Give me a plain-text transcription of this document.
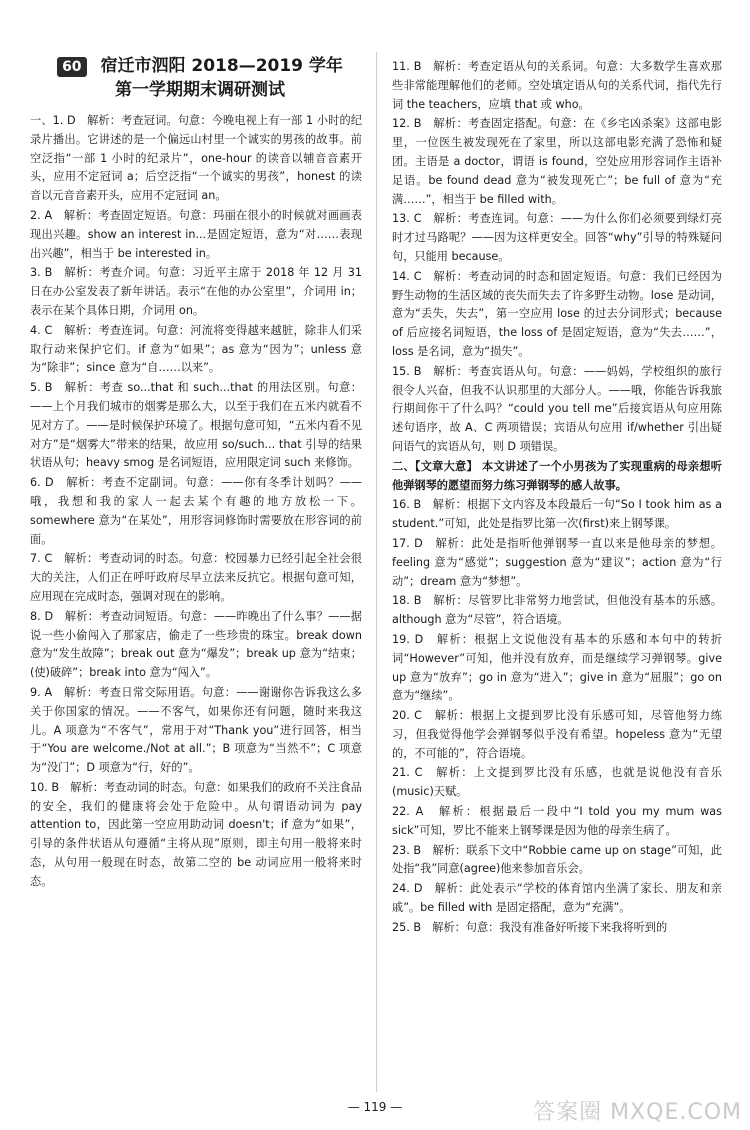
60 宿迁市泗阳 2018—2019 学年
第一学期期末调研测试

一、1. D　解析：考查冠词。句意：今晚电视上有一部 1 小时的纪录片播出。它讲述的是一个偏远山村里一个诚实的男孩的故事。前空泛指“一部 1 小时的纪录片”，one-hour 的读音以辅音音素开头，应用不定冠词 a；后空泛指“一个诚实的男孩”，honest 的读音以元音音素开头，应用不定冠词 an。

2. A　解析：考查固定短语。句意：玛丽在很小的时候就对画画表现出兴趣。show an interest in...是固定短语，意为“对……表现出兴趣”，相当于 be interested in。

3. B　解析：考查介词。句意：习近平主席于 2018 年 12 月 31 日在办公室发表了新年讲话。表示“在他的办公室里”，介词用 in；表示在某个具体日期，介词用 on。

4. C　解析：考查连词。句意：河流将变得越来越脏，除非人们采取行动来保护它们。if 意为“如果”；as 意为“因为”；unless 意为“除非”；since 意为“自……以来”。

5. B　解析：考查 so...that 和 such...that 的用法区别。句意：——上个月我们城市的烟雾是那么大，以至于我们在五米内就看不见对方了。——是时候保护环境了。根据句意可知，“五米内看不见对方”是“烟雾大”带来的结果，故应用 so/such... that 引导的结果状语从句；heavy smog 是名词短语，应用限定词 such 来修饰。

6. D　解析：考查不定副词。句意：——你有冬季计划吗？——哦，我想和我的家人一起去某个有趣的地方放松一下。somewhere 意为“在某处”，用形容词修饰时需要放在形容词的前面。

7. C　解析：考查动词的时态。句意：校园暴力已经引起全社会很大的关注，人们正在呼吁政府尽早立法来反抗它。根据句意可知，应用现在完成时态，强调对现在的影响。

8. D　解析：考查动词短语。句意：——昨晚出了什么事？——据说一些小偷闯入了那家店，偷走了一些珍贵的珠宝。break down 意为“发生故障”；break out 意为“爆发”；break up 意为“结束；(使)破碎”；break into 意为“闯入”。

9. A　解析：考查日常交际用语。句意：——谢谢你告诉我这么多关于你国家的情况。——不客气，如果你还有问题，随时来我这儿。A 项意为“不客气”，常用于对“Thank you”进行回答，相当于“You are welcome./Not at all.”；B 项意为“当然不”；C 项意为“没门”；D 项意为“行，好的”。

10. B　解析：考查动词的时态。句意：如果我们的政府不关注食品的安全，我们的健康将会处于危险中。从句谓语动词为 pay attention to，因此第一空应用助动词 doesn't；if 意为“如果”，引导的条件状语从句遵循“主将从现”原则，即主句用一般将来时态，从句用一般现在时态，故第二空的 be 动词应用一般将来时态。

11. B　解析：考查定语从句的关系词。句意：大多数学生喜欢那些非常能理解他们的老师。空处填定语从句的关系代词，指代先行词 the teachers，应填 that 或 who。

12. B　解析：考查固定搭配。句意：在《乡宅凶杀案》这部电影里，一位医生被发现死在了家里，所以这部电影充满了恐怖和疑团。主语是 a doctor，谓语 is found，空处应用形容词作主语补足语。be found dead 意为“被发现死亡”；be full of 意为“充满……”，相当于 be filled with。

13. C　解析：考查连词。句意：——为什么你们必须要到绿灯亮时才过马路呢？——因为这样更安全。回答“why”引导的特殊疑问句，只能用 because。

14. C　解析：考查动词的时态和固定短语。句意：我们已经因为野生动物的生活区域的丧失而失去了许多野生动物。lose 是动词，意为“丢失，失去”，第一空应用 lose 的过去分词形式；because of 后应接名词短语，the loss of 是固定短语，意为“失去……”，loss 是名词，意为“损失”。

15. B　解析：考查宾语从句。句意：——妈妈，学校组织的旅行很令人兴奋，但我不认识那里的大部分人。——哦，你能告诉我旅行期间你干了什么吗？“could you tell me”后接宾语从句应用陈述句语序，故 A、C 两项错误；宾语从句应用 if/whether 引出疑问语气的宾语从句，则 D 项错误。

二、【文章大意】 本文讲述了一个小男孩为了实现重病的母亲想听他弹钢琴的愿望而努力练习弹钢琴的感人故事。

16. B　解析：根据下文内容及本段最后一句“So I took him as a student.”可知，此处是指罗比第一次(first)来上钢琴课。

17. D　解析：此处是指听他弹钢琴一直以来是他母亲的梦想。feeling 意为“感觉”；suggestion 意为“建议”；action 意为“行动”；dream 意为“梦想”。

18. B　解析：尽管罗比非常努力地尝试，但他没有基本的乐感。although 意为“尽管”，符合语境。

19. D　解析：根据上文说他没有基本的乐感和本句中的转折词“However”可知，他并没有放弃，而是继续学习弹钢琴。give up 意为“放弃”；go in 意为“进入”；give in 意为“屈服”；go on 意为“继续”。

20. C　解析：根据上文提到罗比没有乐感可知，尽管他努力练习，但我觉得他学会弹钢琴似乎没有希望。hopeless 意为“无望的，不可能的”，符合语境。

21. C　解析：上文提到罗比没有乐感，也就是说他没有音乐(music)天赋。

22. A　解析：根据最后一段中“I told you my mum was sick”可知，罗比不能来上钢琴课是因为他的母亲生病了。

23. B　解析：联系下文中“Robbie came up on stage”可知，此处指“我”同意(agree)他来参加音乐会。

24. D　解析：此处表示“学校的体育馆内坐满了家长、朋友和亲戚”。be filled with 是固定搭配，意为“充满”。

25. B　解析：句意：我没有准备好听接下来我将听到的

— 119 —	答案圈 MXQE.COM
